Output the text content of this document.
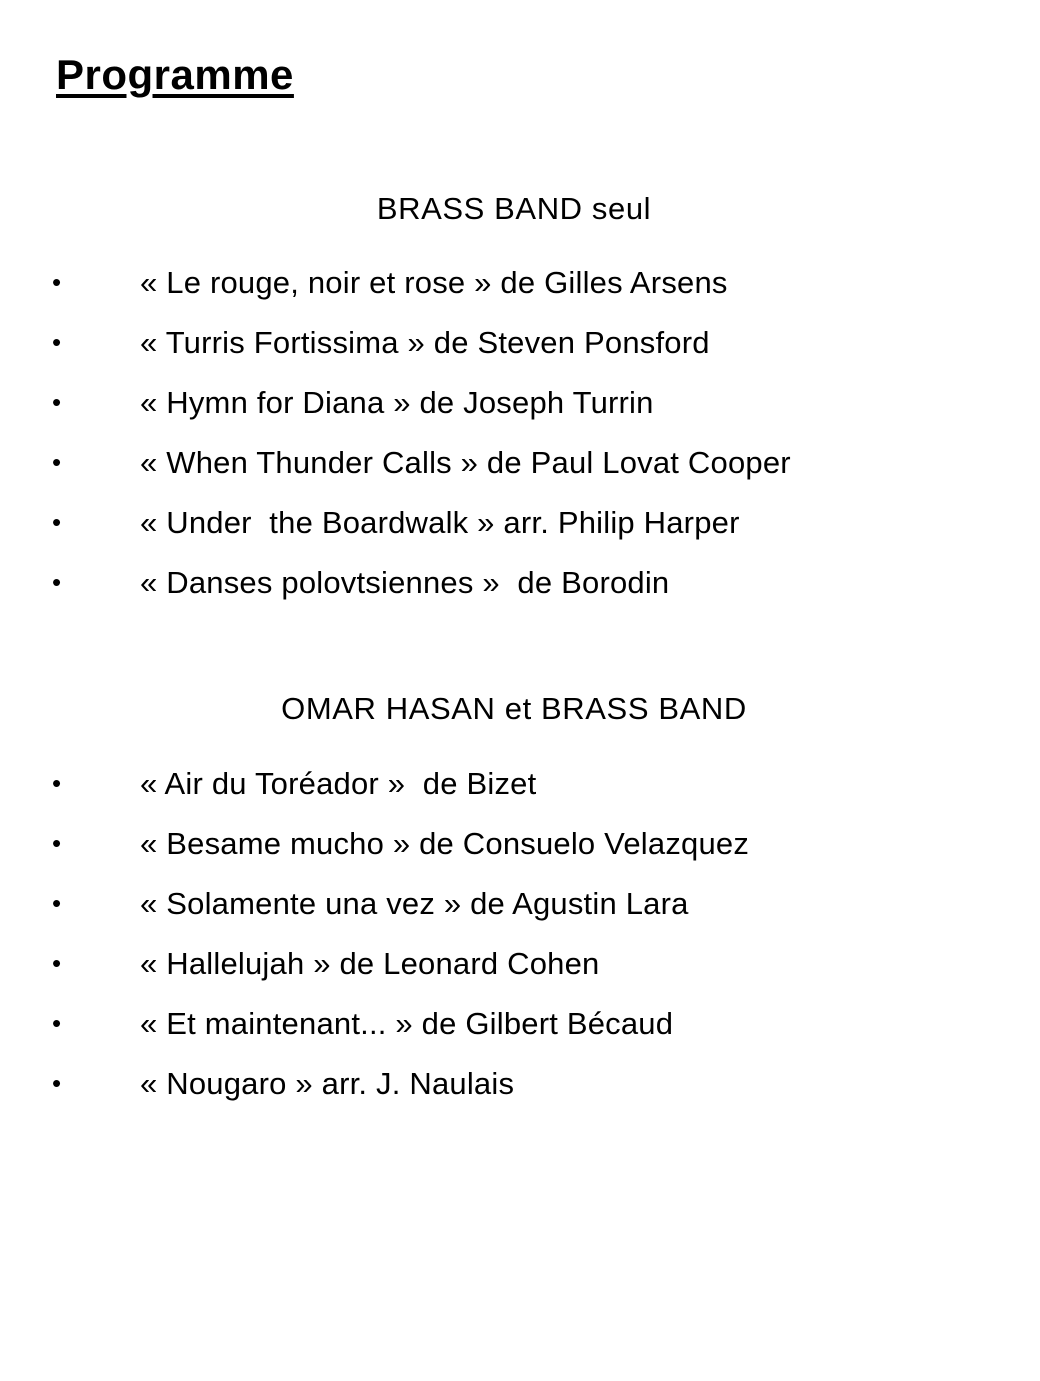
Programme
BRASS BAND seul
•
« Le rouge, noir et rose » de Gilles Arsens
•
« Turris Fortissima » de Steven Ponsford
•
« Hymn for Diana » de Joseph Turrin
•
« When Thunder Calls » de Paul Lovat Cooper
•
« Under  the Boardwalk » arr. Philip Harper
•
« Danses polovtsiennes »  de Borodin
OMAR HASAN et BRASS BAND
•
« Air du Toréador »  de Bizet
•
« Besame mucho » de Consuelo Velazquez
•
« Solamente una vez » de Agustin Lara
•
« Hallelujah » de Leonard Cohen
•
« Et maintenant... » de Gilbert Bécaud
•
« Nougaro » arr. J. Naulais
